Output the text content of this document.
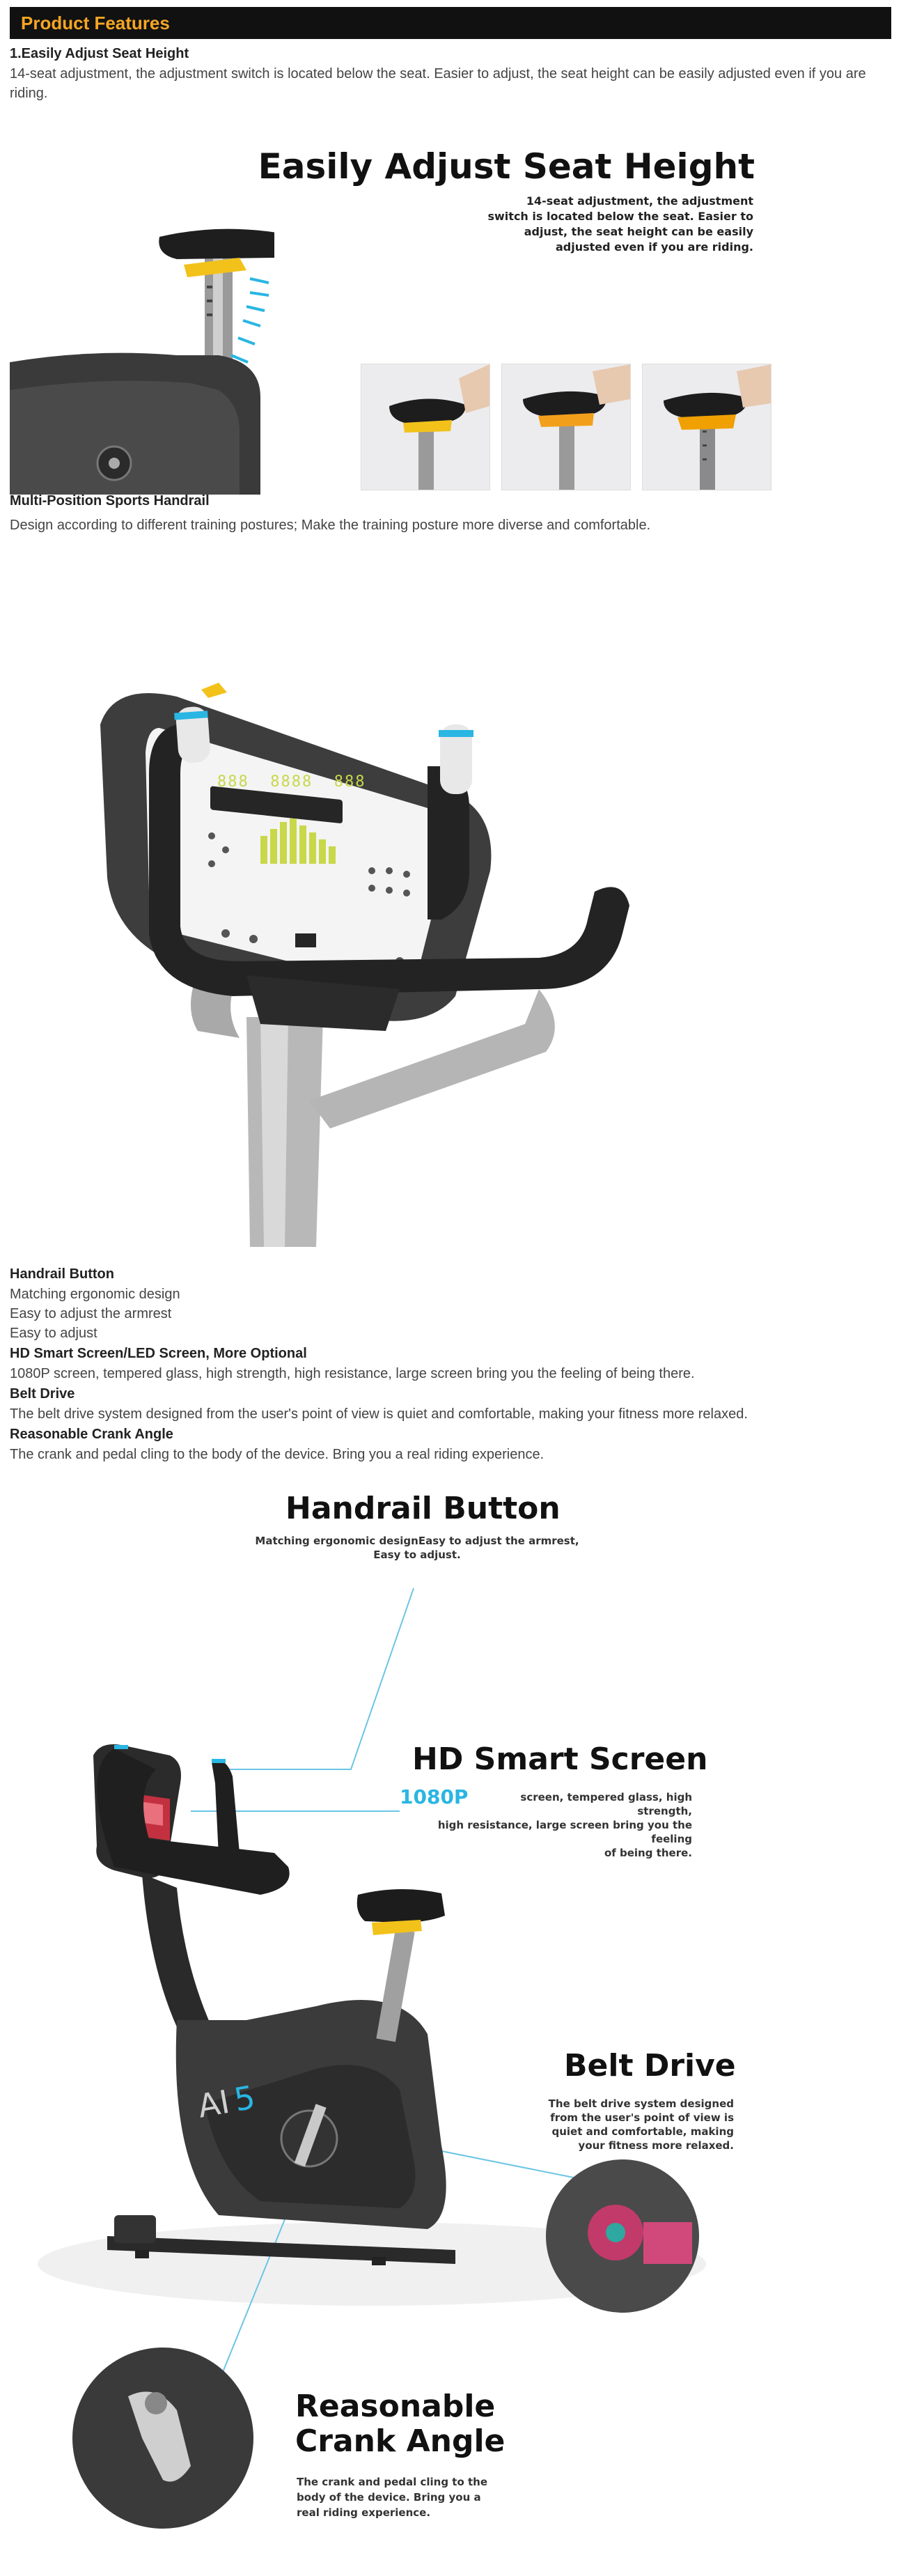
Product Features
1.Easily Adjust Seat Height
14-seat adjustment, the adjustment switch is located below the seat. Easier to adjust, the seat height can be easily adjusted even if you are riding.
Easily Adjust Seat Height
14-seat adjustment, the adjustment
switch is located below the seat. Easier to
adjust, the seat height can be easily
adjusted even if you are riding.
Multi-Position Sports Handrail
Design according to different training postures; Make the training posture more diverse and comfortable.
888 8888 888
Handrail Button
Matching ergonomic design
Easy to adjust the armrest
Easy to adjust
HD Smart Screen/LED Screen, More Optional
1080P screen, tempered glass, high strength, high resistance, large screen bring you the feeling of being there.
Belt Drive
The belt drive system designed from the user's point of view is quiet and comfortable, making your fitness more relaxed.
Reasonable Crank Angle
The crank and pedal cling to the body of the device. Bring you a real riding experience.
AI5
Handrail Button
Matching ergonomic designEasy to adjust the armrest,
Easy to adjust.
HD Smart Screen
1080P	screen, tempered glass, high strength,
high resistance, large screen bring you the feeling
of being there.
Belt Drive
The belt drive system designed
from the user's point of view is
quiet and comfortable, making
your fitness more relaxed.
Reasonable
Crank Angle
The crank and pedal cling to the
body of the device. Bring you a
real riding experience.
